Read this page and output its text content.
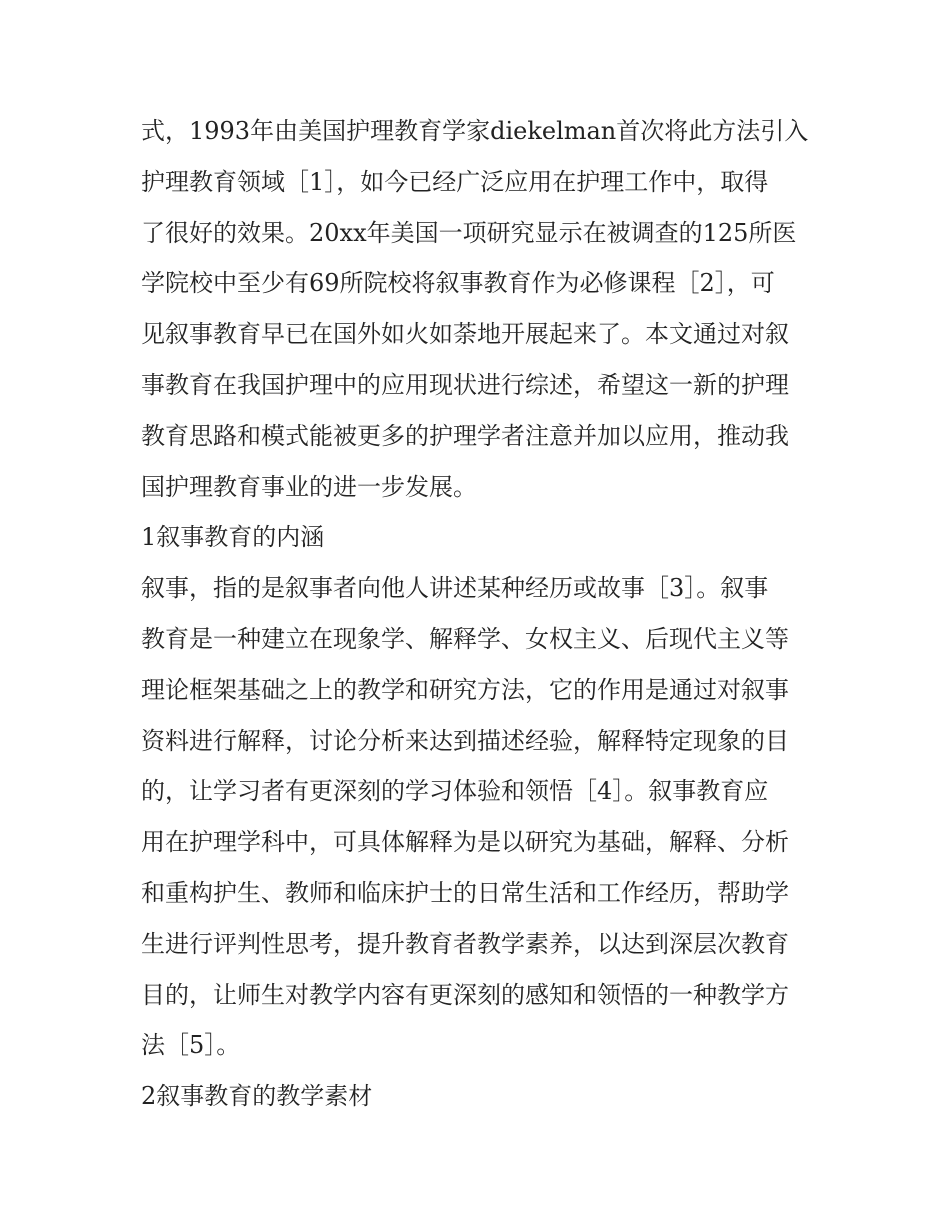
式，1993年由美国护理教育学家diekelman首次将此方法引入
护理教育领域［1］，如今已经广泛应用在护理工作中，取得
了很好的效果。20xx年美国一项研究显示在被调查的125所医
学院校中至少有69所院校将叙事教育作为必修课程［2］，可
见叙事教育早已在国外如火如荼地开展起来了。本文通过对叙
事教育在我国护理中的应用现状进行综述，希望这一新的护理
教育思路和模式能被更多的护理学者注意并加以应用，推动我
国护理教育事业的进一步发展。
1叙事教育的内涵
叙事，指的是叙事者向他人讲述某种经历或故事［3］。叙事
教育是一种建立在现象学、解释学、女权主义、后现代主义等
理论框架基础之上的教学和研究方法，它的作用是通过对叙事
资料进行解释，讨论分析来达到描述经验，解释特定现象的目
的，让学习者有更深刻的学习体验和领悟［4］。叙事教育应
用在护理学科中，可具体解释为是以研究为基础，解释、分析
和重构护生、教师和临床护士的日常生活和工作经历，帮助学
生进行评判性思考，提升教育者教学素养，以达到深层次教育
目的，让师生对教学内容有更深刻的感知和领悟的一种教学方
法［5］。
2叙事教育的教学素材
